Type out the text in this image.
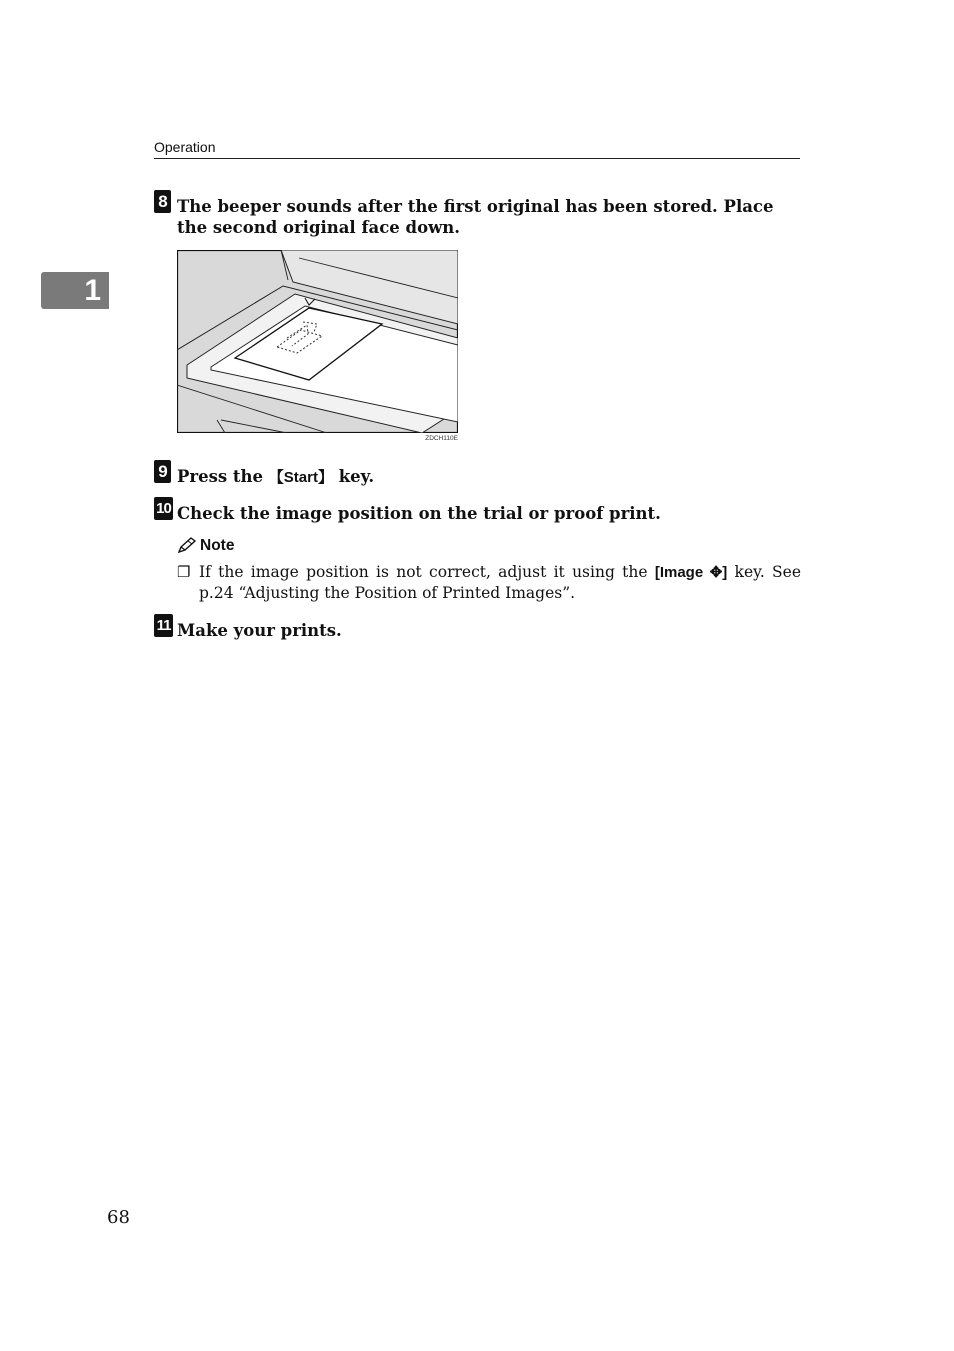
Operation
1
8 The beeper sounds after the first original has been stored. Place the second original face down.
ZDCH110E
9 Press the 【Start】 key.
10 Check the image position on the trial or proof print.
Note
❐ If the image position is not correct, adjust it using the [Image ✥] key. See p.24 “Adjusting the Position of Printed Images”.
11 Make your prints.
68
